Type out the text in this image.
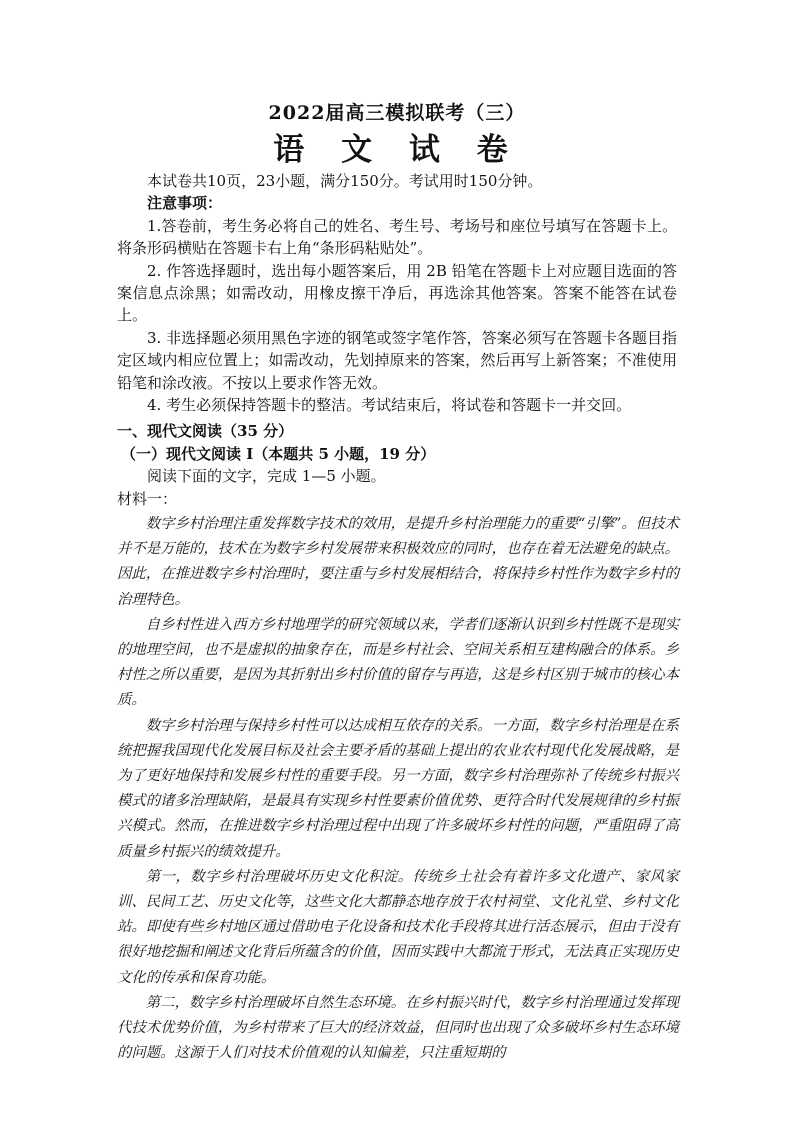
2022届高三模拟联考（三）
语 文 试 卷

本试卷共10页，23小题，满分150分。考试用时150分钟。

注意事项：

1.答卷前，考生务必将自己的姓名、考生号、考场号和座位号填写在答题卡上。将条形码横贴在答题卡右上角“条形码粘贴处”。

2. 作答选择题时，选出每小题答案后，用 2B 铅笔在答题卡上对应题目选面的答案信息点涂黑；如需改动，用橡皮擦干净后，再选涂其他答案。答案不能答在试卷上。

3. 非选择题必须用黑色字迹的钢笔或签字笔作答，答案必须写在答题卡各题目指定区域内相应位置上；如需改动，先划掉原来的答案，然后再写上新答案；不准使用铅笔和涂改液。不按以上要求作答无效。

4. 考生必须保持答题卡的整洁。考试结束后，将试卷和答题卡一并交回。

一、现代文阅读（35 分）
（一）现代文阅读 I（本题共 5 小题，19 分）
阅读下面的文字，完成 1—5 小题。
材料一：

数字乡村治理注重发挥数字技术的效用，是提升乡村治理能力的重要“引擎”。但技术并不是万能的，技术在为数字乡村发展带来积极效应的同时，也存在着无法避免的缺点。因此，在推进数字乡村治理时，要注重与乡村发展相结合，将保持乡村性作为数字乡村的治理特色。

自乡村性进入西方乡村地理学的研究领域以来，学者们逐渐认识到乡村性既不是现实的地理空间，也不是虚拟的抽象存在，而是乡村社会、空间关系相互建构融合的体系。乡村性之所以重要，是因为其折射出乡村价值的留存与再造，这是乡村区别于城市的核心本质。

数字乡村治理与保持乡村性可以达成相互依存的关系。一方面，数字乡村治理是在系统把握我国现代化发展目标及社会主要矛盾的基础上提出的农业农村现代化发展战略，是为了更好地保持和发展乡村性的重要手段。另一方面，数字乡村治理弥补了传统乡村振兴模式的诸多治理缺陷，是最具有实现乡村性要素价值优势、更符合时代发展规律的乡村振兴模式。然而，在推进数字乡村治理过程中出现了许多破坏乡村性的问题，严重阻碍了高质量乡村振兴的绩效提升。

第一，数字乡村治理破坏历史文化积淀。传统乡土社会有着许多文化遗产、家风家训、民间工艺、历史文化等，这些文化大都静态地存放于农村祠堂、文化礼堂、乡村文化站。即使有些乡村地区通过借助电子化设备和技术化手段将其进行活态展示，但由于没有很好地挖掘和阐述文化背后所蕴含的价值，因而实践中大都流于形式，无法真正实现历史文化的传承和保育功能。

第二，数字乡村治理破坏自然生态环境。在乡村振兴时代，数字乡村治理通过发挥现代技术优势价值，为乡村带来了巨大的经济效益，但同时也出现了众多破坏乡村生态环境的问题。这源于人们对技术价值观的认知偏差，只注重短期的
